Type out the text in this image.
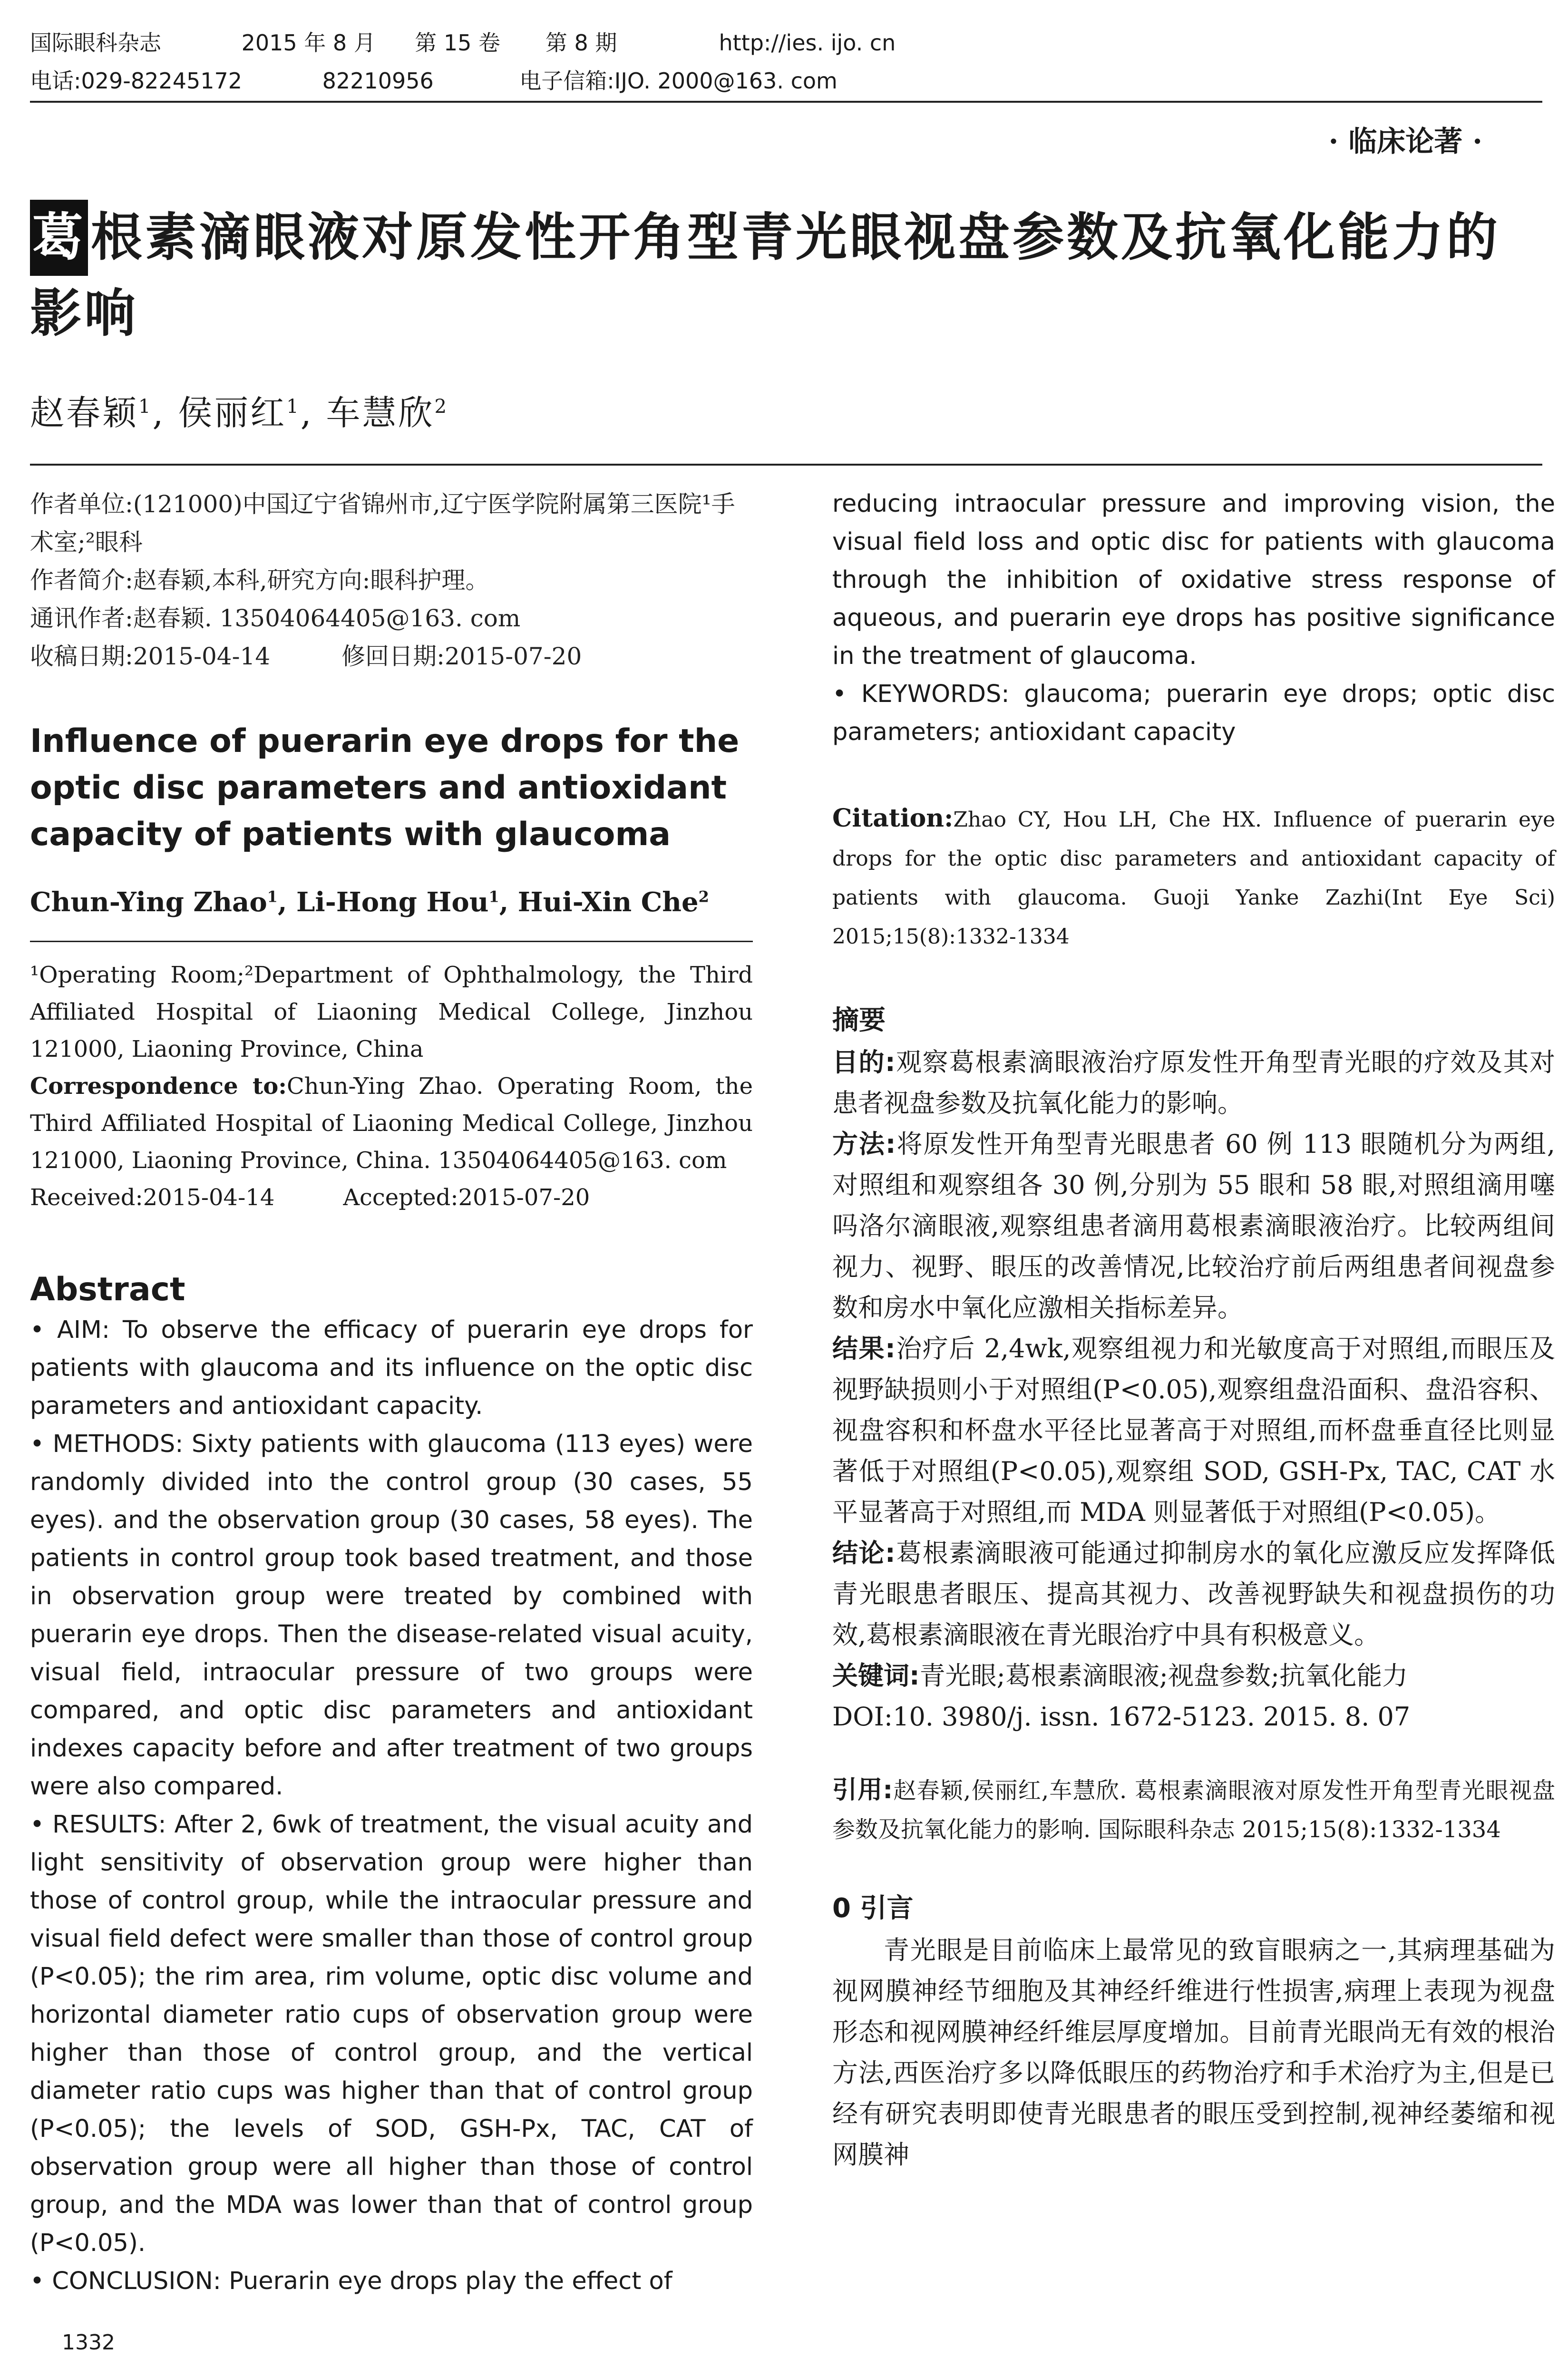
国际眼科杂志	2015 年 8 月 第 15 卷 第 8 期	http://ies. ijo. cn
电话:029-82245172	82210956	电子信箱:IJO. 2000@163. com
· 临床论著 ·
葛根素滴眼液对原发性开角型青光眼视盘参数及抗氧化能力的影响
赵春颖$^1$, 侯丽红$^1$, 车慧欣$^2$
作者单位:(121000)中国辽宁省锦州市,辽宁医学院附属第三医院¹手术室;²眼科
作者简介:赵春颖,本科,研究方向:眼科护理。
通讯作者:赵春颖. 13504064405@163. com
收稿日期:2015-04-14　　　修回日期:2015-07-20
Influence of puerarin eye drops for the optic disc parameters and antioxidant capacity of patients with glaucoma
Chun-Ying Zhao$^1$, Li-Hong Hou$^1$, Hui-Xin Che$^2$
¹Operating Room;²Department of Ophthalmology, the Third Affiliated Hospital of Liaoning Medical College, Jinzhou 121000, Liaoning Province, China
Correspondence to:Chun-Ying Zhao. Operating Room, the Third Affiliated Hospital of Liaoning Medical College, Jinzhou 121000, Liaoning Province, China. 13504064405@163. com
Received:2015-04-14　　　Accepted:2015-07-20
Abstract
• AIM: To observe the efficacy of puerarin eye drops for patients with glaucoma and its influence on the optic disc parameters and antioxidant capacity.
• METHODS: Sixty patients with glaucoma (113 eyes) were randomly divided into the control group (30 cases, 55 eyes). and the observation group (30 cases, 58 eyes). The patients in control group took based treatment, and those in observation group were treated by combined with puerarin eye drops. Then the disease-related visual acuity, visual field, intraocular pressure of two groups were compared, and optic disc parameters and antioxidant indexes capacity before and after treatment of two groups were also compared.
• RESULTS: After 2, 6wk of treatment, the visual acuity and light sensitivity of observation group were higher than those of control group, while the intraocular pressure and visual field defect were smaller than those of control group (P<0.05); the rim area, rim volume, optic disc volume and horizontal diameter ratio cups of observation group were higher than those of control group, and the vertical diameter ratio cups was higher than that of control group (P<0.05); the levels of SOD, GSH-Px, TAC, CAT of observation group were all higher than those of control group, and the MDA was lower than that of control group (P<0.05).
• CONCLUSION: Puerarin eye drops play the effect of
reducing intraocular pressure and improving vision, the visual field loss and optic disc for patients with glaucoma through the inhibition of oxidative stress response of aqueous, and puerarin eye drops has positive significance in the treatment of glaucoma.
• KEYWORDS: glaucoma; puerarin eye drops; optic disc parameters; antioxidant capacity
Citation:Zhao CY, Hou LH, Che HX. Influence of puerarin eye drops for the optic disc parameters and antioxidant capacity of patients with glaucoma. Guoji Yanke Zazhi(Int Eye Sci) 2015;15(8):1332-1334
摘要
目的:观察葛根素滴眼液治疗原发性开角型青光眼的疗效及其对患者视盘参数及抗氧化能力的影响。
方法:将原发性开角型青光眼患者 60 例 113 眼随机分为两组,对照组和观察组各 30 例,分别为 55 眼和 58 眼,对照组滴用噻吗洛尔滴眼液,观察组患者滴用葛根素滴眼液治疗。比较两组间视力、视野、眼压的改善情况,比较治疗前后两组患者间视盘参数和房水中氧化应激相关指标差异。
结果:治疗后 2,4wk,观察组视力和光敏度高于对照组,而眼压及视野缺损则小于对照组(P<0.05),观察组盘沿面积、盘沿容积、视盘容积和杯盘水平径比显著高于对照组,而杯盘垂直径比则显著低于对照组(P<0.05),观察组 SOD, GSH-Px, TAC, CAT 水平显著高于对照组,而 MDA 则显著低于对照组(P<0.05)。
结论:葛根素滴眼液可能通过抑制房水的氧化应激反应发挥降低青光眼患者眼压、提高其视力、改善视野缺失和视盘损伤的功效,葛根素滴眼液在青光眼治疗中具有积极意义。
关键词:青光眼;葛根素滴眼液;视盘参数;抗氧化能力
DOI:10. 3980/j. issn. 1672-5123. 2015. 8. 07
引用:赵春颖,侯丽红,车慧欣. 葛根素滴眼液对原发性开角型青光眼视盘参数及抗氧化能力的影响. 国际眼科杂志 2015;15(8):1332-1334
0 引言
青光眼是目前临床上最常见的致盲眼病之一,其病理基础为视网膜神经节细胞及其神经纤维进行性损害,病理上表现为视盘形态和视网膜神经纤维层厚度增加。目前青光眼尚无有效的根治方法,西医治疗多以降低眼压的药物治疗和手术治疗为主,但是已经有研究表明即使青光眼患者的眼压受到控制,视神经萎缩和视网膜神
1332
